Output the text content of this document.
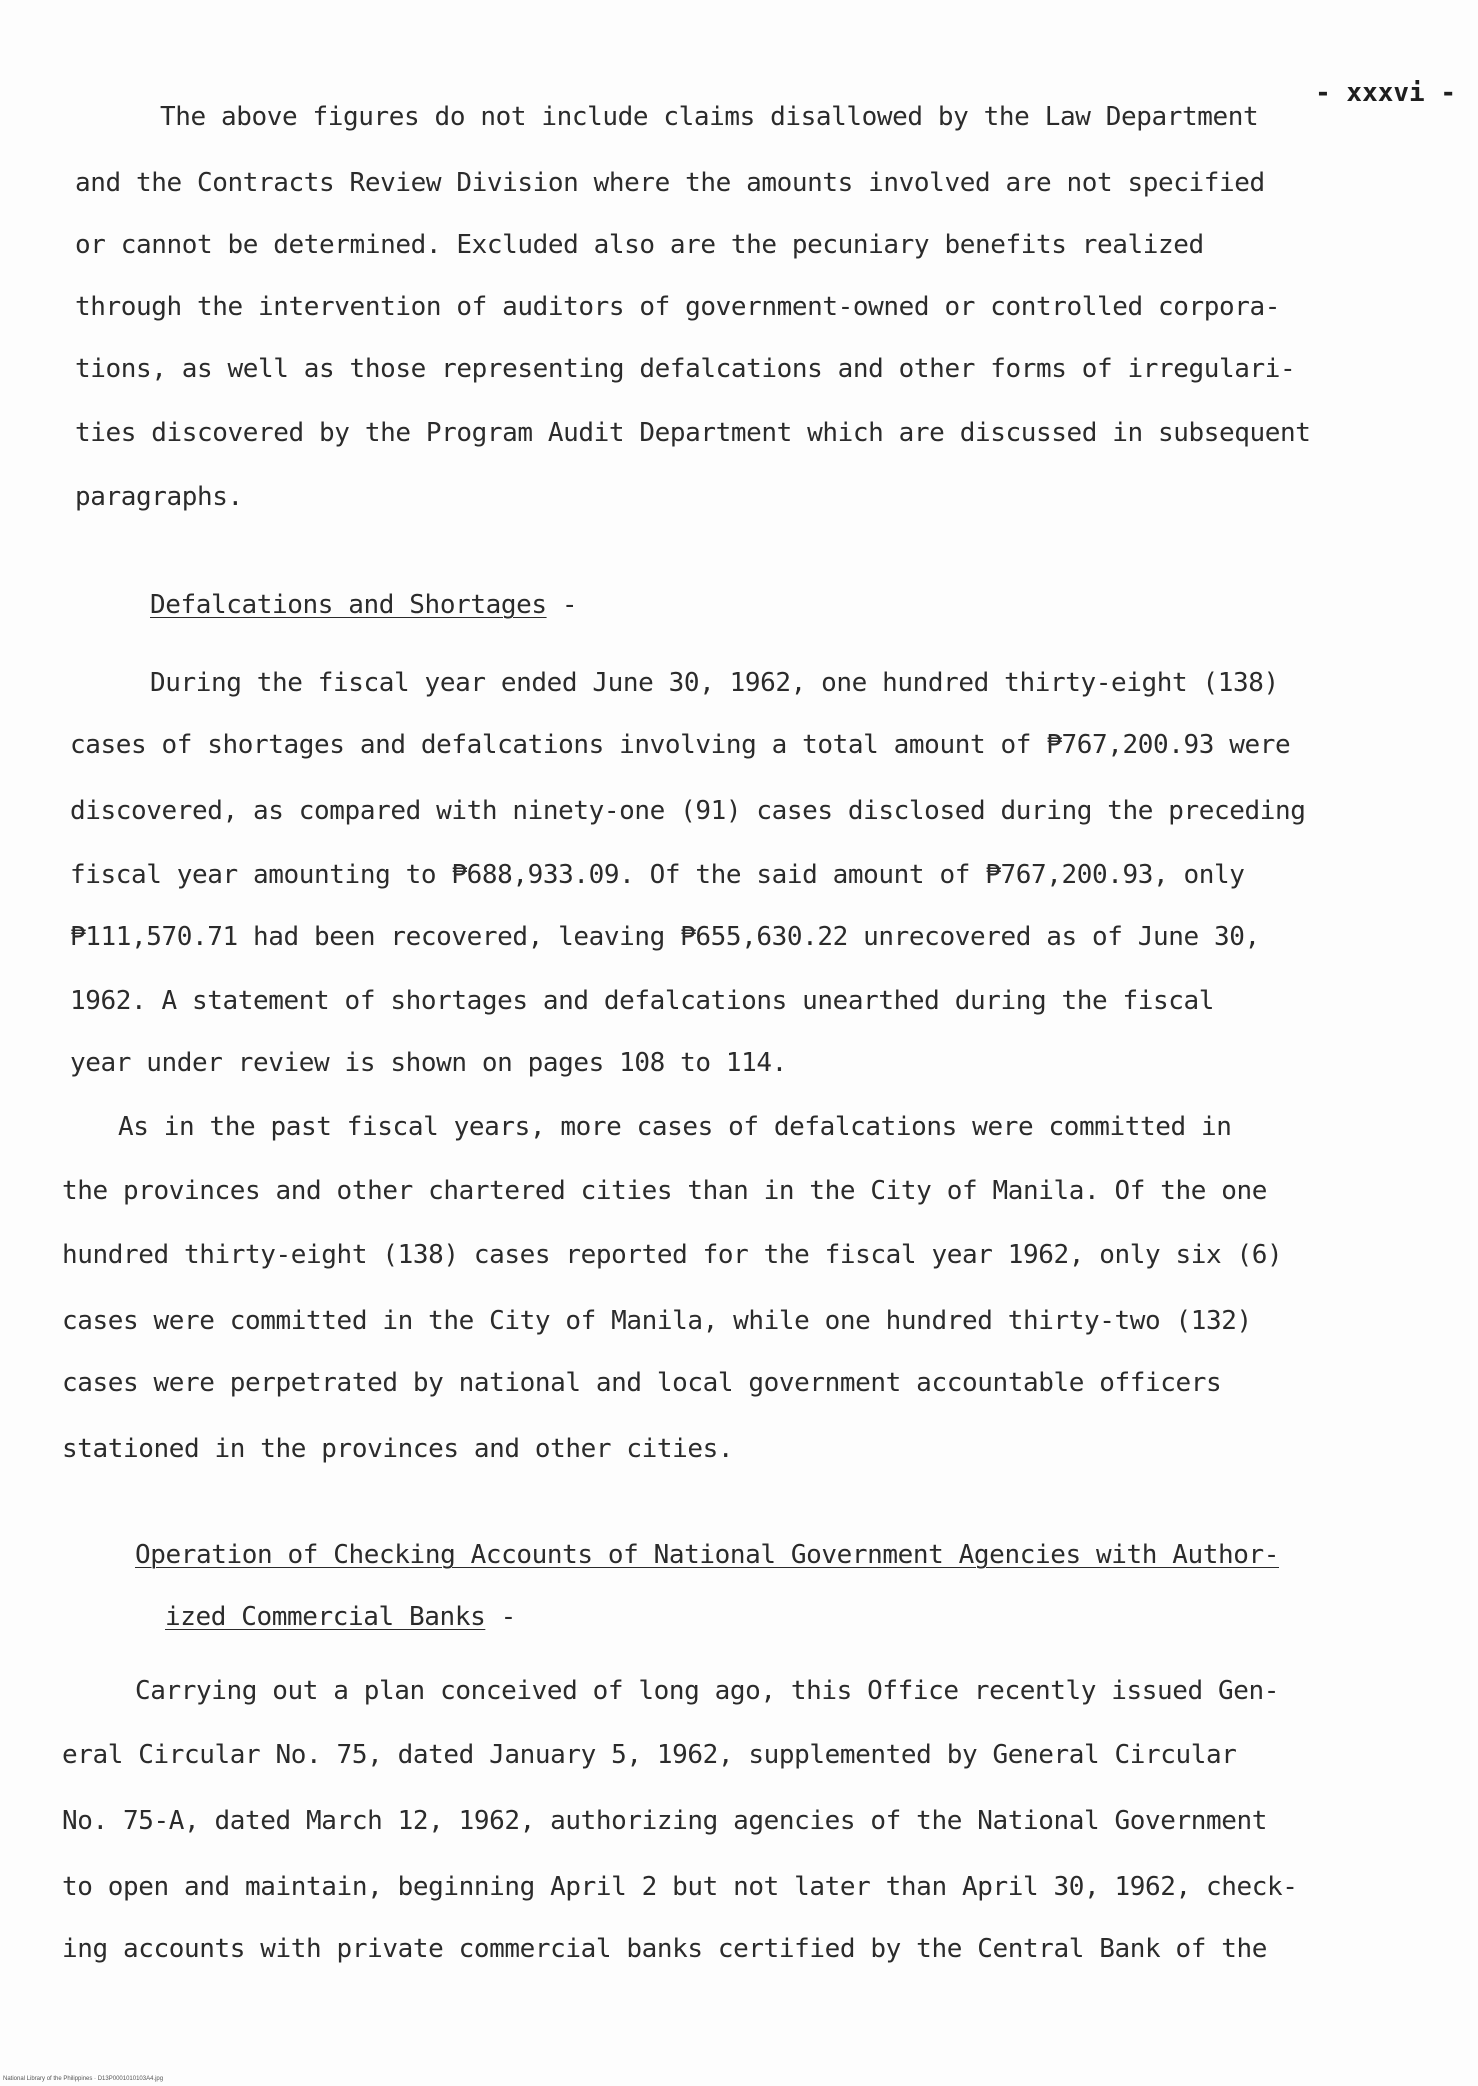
- xxxvi -
The above figures do not include claims disallowed by the Law Department
and the Contracts Review Division where the amounts involved are not specified
or cannot be determined. Excluded also are the pecuniary benefits realized
through the intervention of auditors of government-owned or controlled corpora-
tions, as well as those representing defalcations and other forms of irregulari-
ties discovered by the Program Audit Department which are discussed in subsequent
paragraphs.
Defalcations and Shortages -
During the fiscal year ended June 30, 1962, one hundred thirty-eight (138)
cases of shortages and defalcations involving a total amount of ₱767,200.93 were
discovered, as compared with ninety-one (91) cases disclosed during the preceding
fiscal year amounting to ₱688,933.09. Of the said amount of ₱767,200.93, only
₱111,570.71 had been recovered, leaving ₱655,630.22 unrecovered as of June 30,
1962. A statement of shortages and defalcations unearthed during the fiscal
year under review is shown on pages 108 to 114.
As in the past fiscal years, more cases of defalcations were committed in
the provinces and other chartered cities than in the City of Manila. Of the one
hundred thirty-eight (138) cases reported for the fiscal year 1962, only six (6)
cases were committed in the City of Manila, while one hundred thirty-two (132)
cases were perpetrated by national and local government accountable officers
stationed in the provinces and other cities.
Operation of Checking Accounts of National Government Agencies with Author-
ized Commercial Banks -
Carrying out a plan conceived of long ago, this Office recently issued Gen-
eral Circular No. 75, dated January 5, 1962, supplemented by General Circular
No. 75-A, dated March 12, 1962, authorizing agencies of the National Government
to open and maintain, beginning April 2 but not later than April 30, 1962, check-
ing accounts with private commercial banks certified by the Central Bank of the
National Library of the Philippines · D13P0001010103A4.jpg
